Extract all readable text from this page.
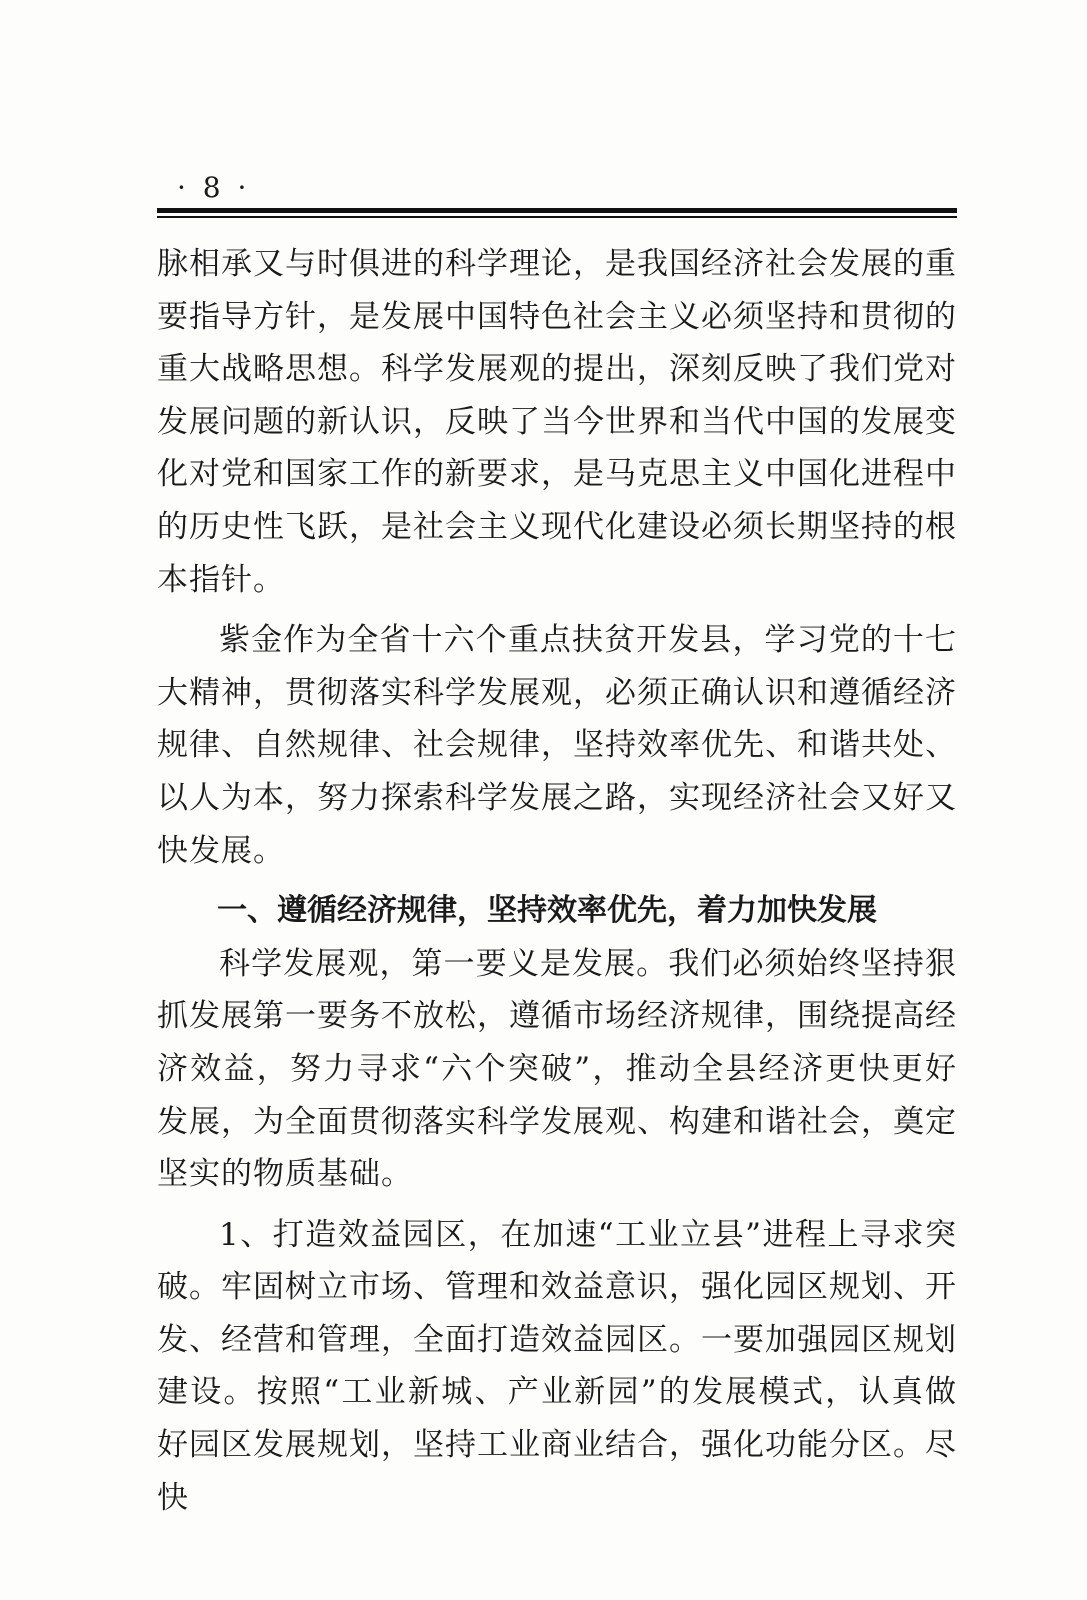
· 8 ·

脉相承又与时俱进的科学理论，是我国经济社会发展的重要指导方针，是发展中国特色社会主义必须坚持和贯彻的重大战略思想。科学发展观的提出，深刻反映了我们党对发展问题的新认识，反映了当今世界和当代中国的发展变化对党和国家工作的新要求，是马克思主义中国化进程中的历史性飞跃，是社会主义现代化建设必须长期坚持的根本指针。

紫金作为全省十六个重点扶贫开发县，学习党的十七大精神，贯彻落实科学发展观，必须正确认识和遵循经济规律、自然规律、社会规律，坚持效率优先、和谐共处、以人为本，努力探索科学发展之路，实现经济社会又好又快发展。

一、遵循经济规律，坚持效率优先，着力加快发展

科学发展观，第一要义是发展。我们必须始终坚持狠抓发展第一要务不放松，遵循市场经济规律，围绕提高经济效益，努力寻求“六个突破”，推动全县经济更快更好发展，为全面贯彻落实科学发展观、构建和谐社会，奠定坚实的物质基础。

1、打造效益园区，在加速“工业立县”进程上寻求突破。牢固树立市场、管理和效益意识，强化园区规划、开发、经营和管理，全面打造效益园区。一要加强园区规划建设。按照“工业新城、产业新园”的发展模式，认真做好园区发展规划，坚持工业商业结合，强化功能分区。尽快
